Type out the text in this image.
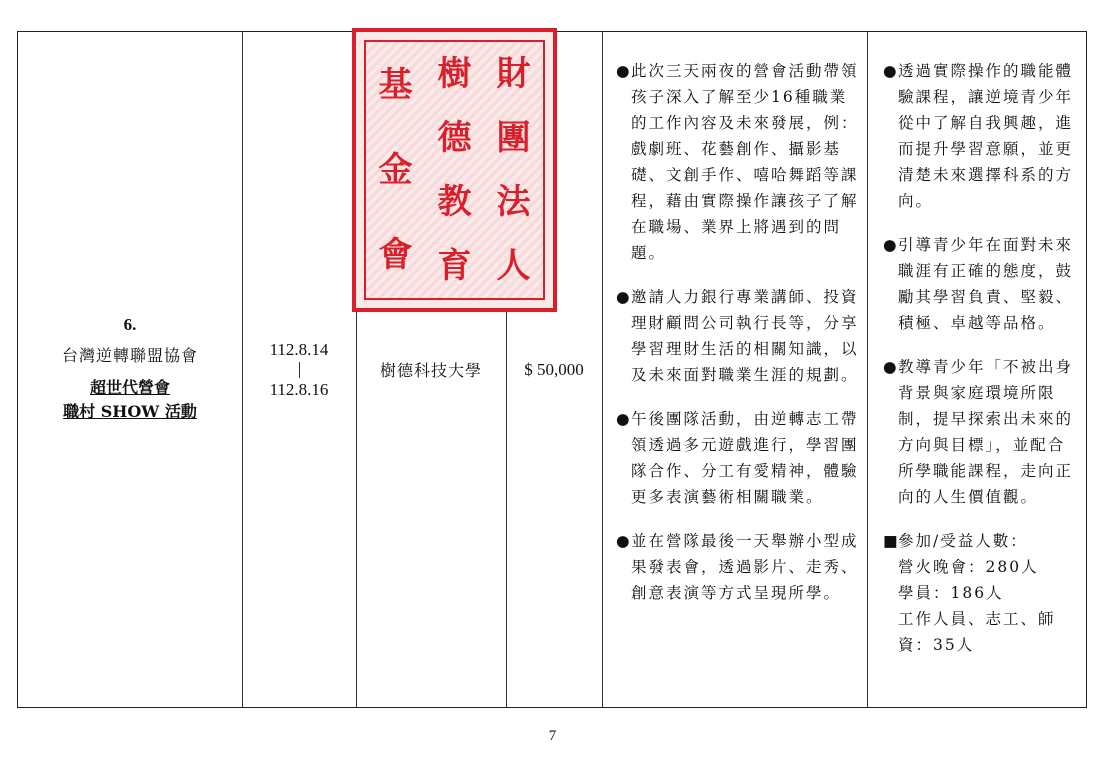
6.
台灣逆轉聯盟協會
超世代營會
職村 SHOW 活動
112.8.14
112.8.16
樹德科技大學 $ 50,000
● 此次三天兩夜的營會活動帶領孩子深入了解至少16種職業的工作內容及未來發展，例：戲劇班、花藝創作、攝影基礎、文創手作、嘻哈舞蹈等課程，藉由實際操作讓孩子了解在職場、業界上將遇到的問題。
● 邀請人力銀行專業講師、投資理財顧問公司執行長等，分享學習理財生活的相關知識，以及未來面對職業生涯的規劃。
● 午後團隊活動，由逆轉志工帶領透過多元遊戲進行，學習團隊合作、分工有愛精神，體驗更多表演藝術相關職業。
● 並在營隊最後一天舉辦小型成果發表會，透過影片、走秀、創意表演等方式呈現所學。
● 透過實際操作的職能體驗課程，讓逆境青少年從中了解自我興趣，進而提升學習意願，並更清楚未來選擇科系的方向。
● 引導青少年在面對未來職涯有正確的態度，鼓勵其學習負責、堅毅、積極、卓越等品格。
● 教導青少年「不被出身背景與家庭環境所限制，提早探索出未來的方向與目標」，並配合所學職能課程，走向正向的人生價值觀。
■
參加/受益人數：
營火晚會：280人
學員：186人
工作人員、志工、師資：35人
基
金
會
樹
德
教
育
財
團
法
人
7
